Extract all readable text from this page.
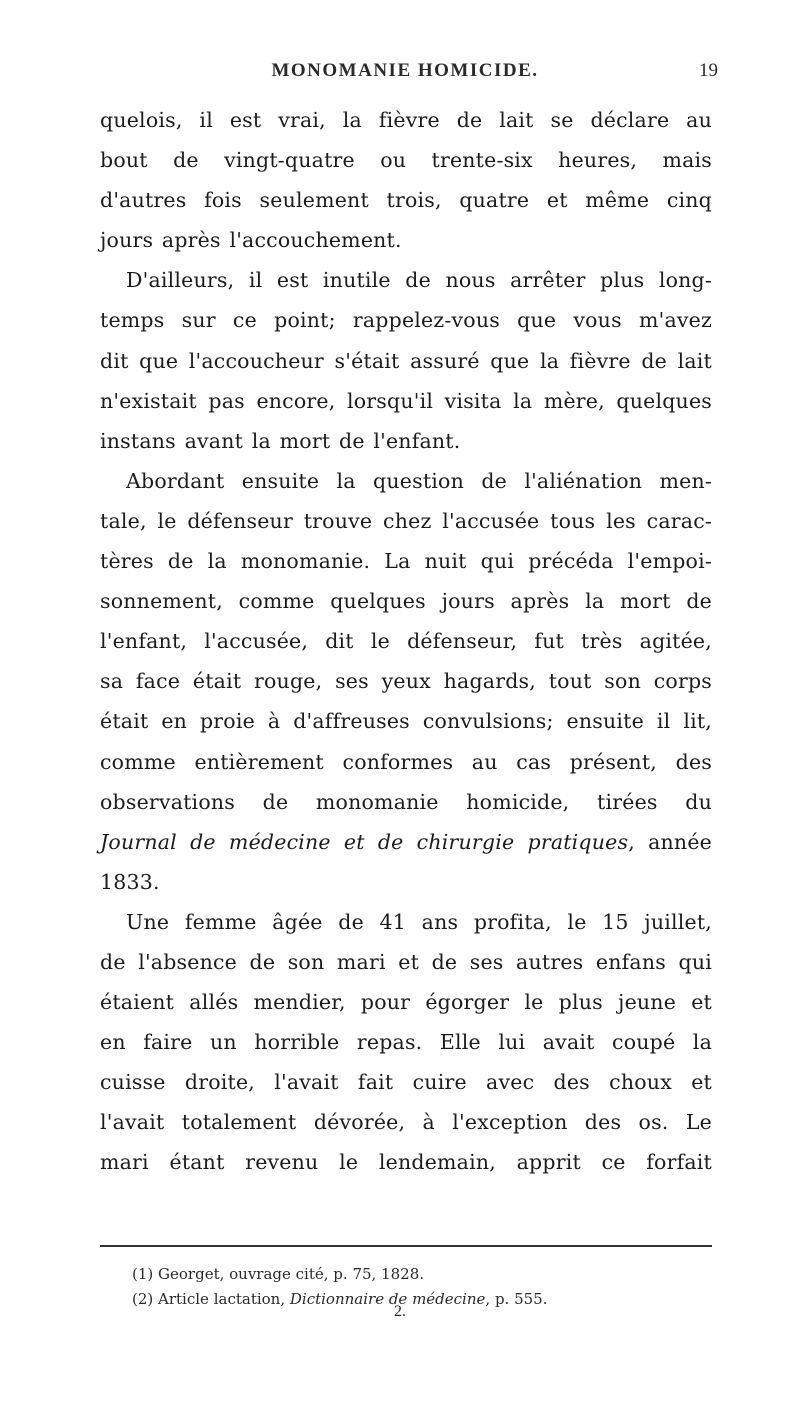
MONOMANIE HOMICIDE.	19
quelois, il est vrai, la fièvre de lait se déclare au
bout de vingt-quatre ou trente-six heures, mais
d'autres fois seulement trois, quatre et même cinq
jours après l'accouchement.
D'ailleurs, il est inutile de nous arrêter plus long-
temps sur ce point; rappelez-vous que vous m'avez
dit que l'accoucheur s'était assuré que la fièvre de lait
n'existait pas encore, lorsqu'il visita la mère, quelques
instans avant la mort de l'enfant.
Abordant ensuite la question de l'aliénation men-
tale, le défenseur trouve chez l'accusée tous les carac-
tères de la monomanie. La nuit qui précéda l'empoi-
sonnement, comme quelques jours après la mort de
l'enfant, l'accusée, dit le défenseur, fut très agitée,
sa face était rouge, ses yeux hagards, tout son corps
était en proie à d'affreuses convulsions; ensuite il lit,
comme entièrement conformes au cas présent, des
observations de monomanie homicide, tirées du
Journal de médecine et de chirurgie pratiques, année
1833.
Une femme âgée de 41 ans profita, le 15 juillet,
de l'absence de son mari et de ses autres enfans qui
étaient allés mendier, pour égorger le plus jeune et
en faire un horrible repas. Elle lui avait coupé la
cuisse droite, l'avait fait cuire avec des choux et
l'avait totalement dévorée, à l'exception des os. Le
mari étant revenu le lendemain, apprit ce forfait
(1) Georget, ouvrage cité, p. 75, 1828.
(2) Article lactation, Dictionnaire de médecine, p. 555.
2.
